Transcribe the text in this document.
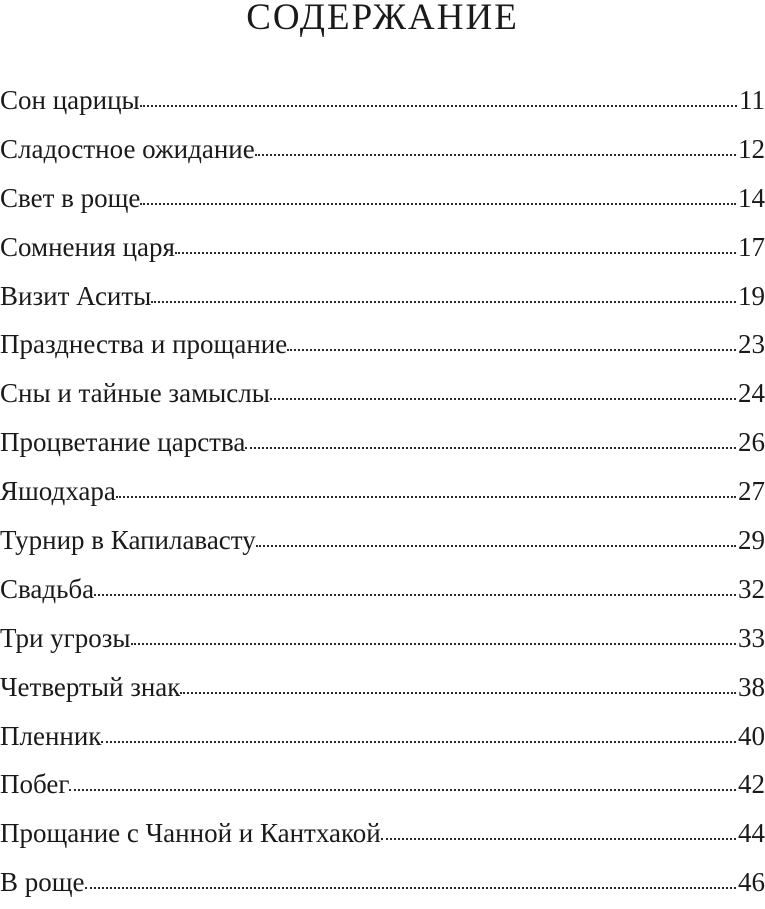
СОДЕРЖАНИЕ
Сон царицы	11
Сладостное ожидание	12
Свет в роще	14
Сомнения царя	17
Визит Аситы	19
Празднества и прощание	23
Сны и тайные замыслы	24
Процветание царства	26
Яшодхара	27
Турнир в Капилавасту	29
Свадьба	32
Три угрозы	33
Четвертый знак	38
Пленник	40
Побег	42
Прощание с Чанной и Кантхакой	44
В роще	46
